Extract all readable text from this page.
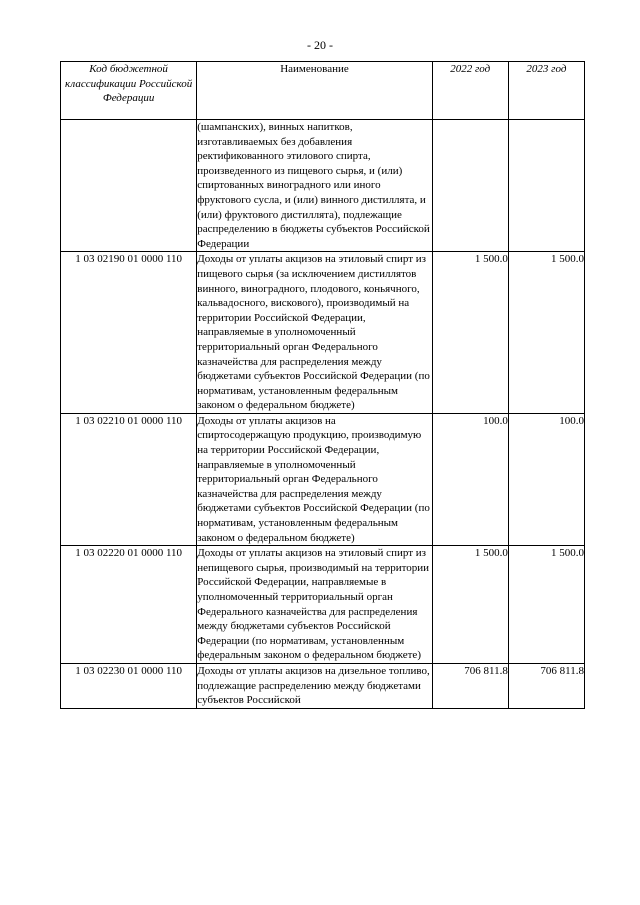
- 20 -
Код бюджетной классификации Российской Федерации	Наименование	2022 год	2023 год
	(шампанских), винных напитков, изготавливаемых без добавления ректификованного этилового спирта, произведенного из пищевого сырья, и (или) спиртованных виноградного или иного фруктового сусла, и (или) винного дистиллята, и (или) фруктового дистиллята), подлежащие распределению в бюджеты субъектов Российской Федерации		
1 03 02190 01 0000 110	Доходы от уплаты акцизов на этиловый спирт из пищевого сырья (за исключением дистиллятов винного, виноградного, плодового, коньячного, кальвадосного, вискового), производимый на территории Российской Федерации, направляемые в уполномоченный территориальный орган Федерального казначейства для распределения между бюджетами субъектов Российской Федерации (по нормативам, установленным федеральным законом о федеральном бюджете)	1 500.0	1 500.0
1 03 02210 01 0000 110	Доходы от уплаты акцизов на спиртосодержащую продукцию, производимую на территории Российской Федерации, направляемые в уполномоченный территориальный орган Федерального казначейства для распределения между бюджетами субъектов Российской Федерации (по нормативам, установленным федеральным законом о федеральном бюджете)	100.0	100.0
1 03 02220 01 0000 110	Доходы от уплаты акцизов на этиловый спирт из непищевого сырья, производимый на территории Российской Федерации, направляемые в уполномоченный территориальный орган Федерального казначейства для распределения между бюджетами субъектов Российской Федерации (по нормативам, установленным федеральным законом о федеральном бюджете)	1 500.0	1 500.0
1 03 02230 01 0000 110	Доходы от уплаты акцизов на дизельное топливо, подлежащие распределению между бюджетами субъектов Российской	706 811.8	706 811.8
